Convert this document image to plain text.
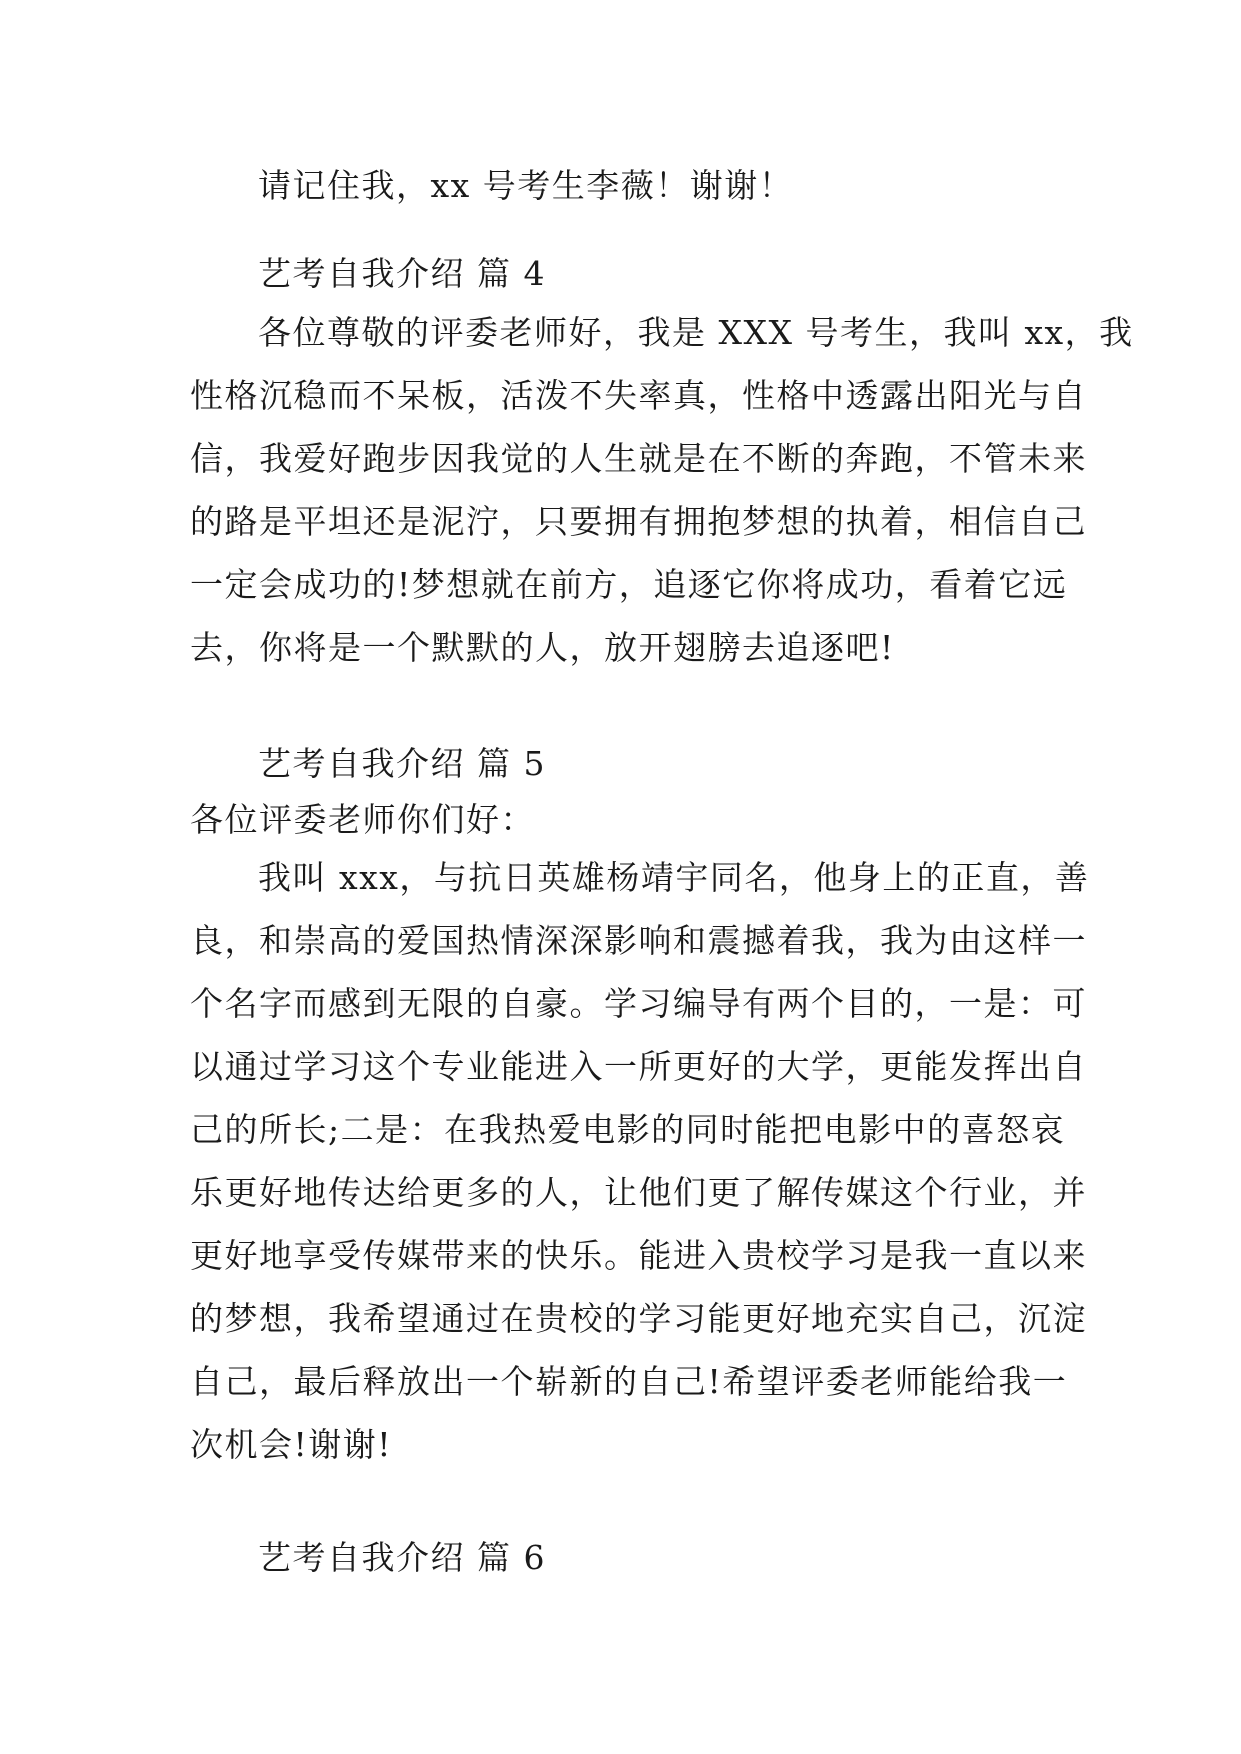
请记住我，xx 号考生李薇！谢谢！
艺考自我介绍 篇 4
各位尊敬的评委老师好，我是 XXX 号考生，我叫 xx，我
性格沉稳而不呆板，活泼不失率真，性格中透露出阳光与自
信，我爱好跑步因我觉的人生就是在不断的奔跑，不管未来
的路是平坦还是泥泞，只要拥有拥抱梦想的执着，相信自己
一定会成功的!梦想就在前方，追逐它你将成功，看着它远
去，你将是一个默默的人，放开翅膀去追逐吧!
艺考自我介绍 篇 5
各位评委老师你们好：
我叫 xxx，与抗日英雄杨靖宇同名，他身上的正直，善
良，和崇高的爱国热情深深影响和震撼着我，我为由这样一
个名字而感到无限的自豪。学习编导有两个目的，一是：可
以通过学习这个专业能进入一所更好的大学，更能发挥出自
己的所长;二是：在我热爱电影的同时能把电影中的喜怒哀
乐更好地传达给更多的人，让他们更了解传媒这个行业，并
更好地享受传媒带来的快乐。能进入贵校学习是我一直以来
的梦想，我希望通过在贵校的学习能更好地充实自己，沉淀
自己，最后释放出一个崭新的自己!希望评委老师能给我一
次机会!谢谢!
艺考自我介绍 篇 6
